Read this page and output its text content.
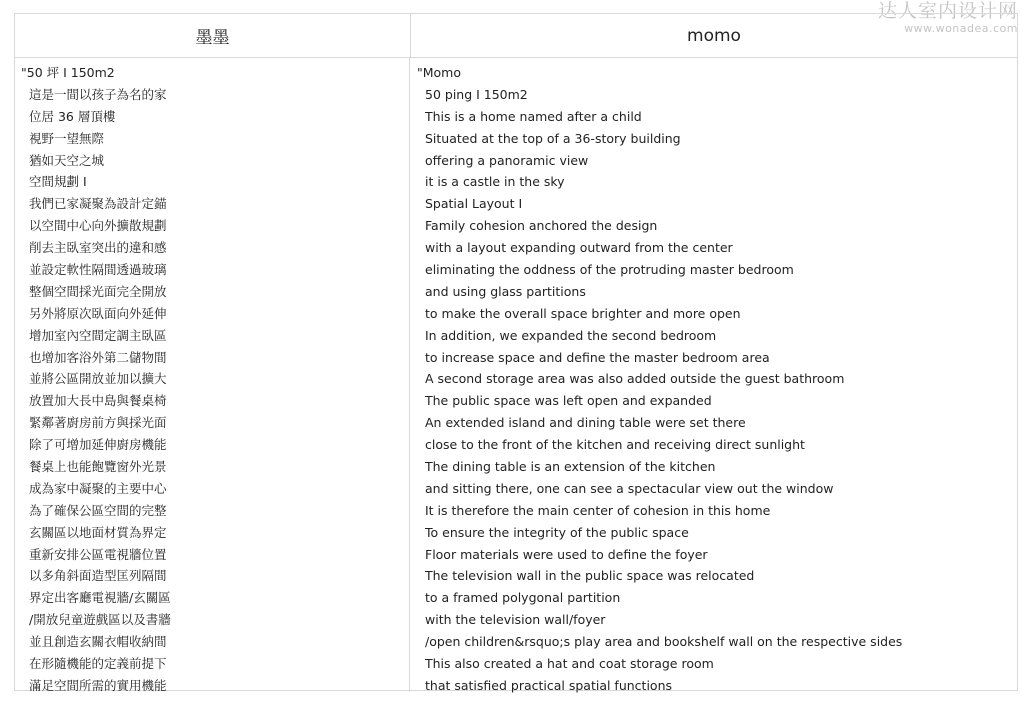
达人室内设计网
www.wonadea.com
墨墨	momo
"50 坪 I 150m2
這是一間以孩子為名的家
位居 36 層頂樓
視野一望無際
猶如天空之城
空間規劃 I
我們已家凝聚為設計定錨
以空間中心向外擴散規劃
削去主臥室突出的違和感
並設定軟性隔間透過玻璃
整個空間採光面完全開放
另外將原次臥面向外延伸
增加室內空間定調主臥區
也增加客浴外第二儲物間
並將公區開放並加以擴大
放置加大長中島與餐桌椅
緊鄰著廚房前方與採光面
除了可增加延伸廚房機能
餐桌上也能飽覽窗外光景
成為家中凝聚的主要中心
為了確保公區空間的完整
玄關區以地面材質為界定
重新安排公區電視牆位置
以多角斜面造型匡列隔間
界定出客廳電視牆/玄關區
/開放兒童遊戲區以及書牆
並且創造玄關衣帽收納間
在形隨機能的定義前提下
滿足空間所需的實用機能
"Momo
50 ping I 150m2
This is a home named after a child
Situated at the top of a 36-story building
offering a panoramic view
it is a castle in the sky
Spatial Layout I
Family cohesion anchored the design
with a layout expanding outward from the center
eliminating the oddness of the protruding master bedroom
and using glass partitions
to make the overall space brighter and more open
In addition, we expanded the second bedroom
to increase space and define the master bedroom area
A second storage area was also added outside the guest bathroom
The public space was left open and expanded
An extended island and dining table were set there
close to the front of the kitchen and receiving direct sunlight
The dining table is an extension of the kitchen
and sitting there, one can see a spectacular view out the window
It is therefore the main center of cohesion in this home
To ensure the integrity of the public space
Floor materials were used to define the foyer
The television wall in the public space was relocated
to a framed polygonal partition
with the television wall/foyer
/open children&rsquo;s play area and bookshelf wall on the respective sides
This also created a hat and coat storage room
that satisfied practical spatial functions
